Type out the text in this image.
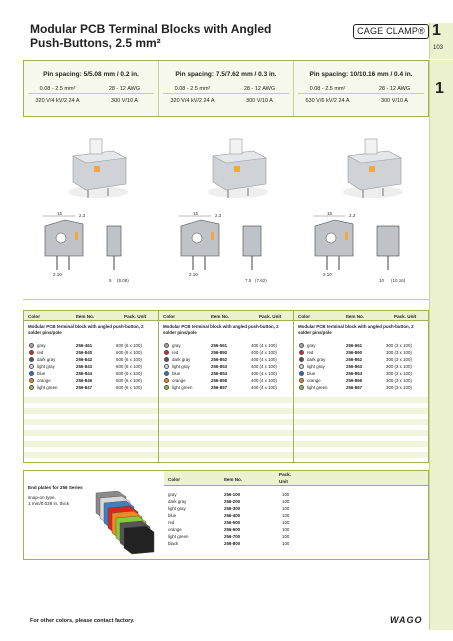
Modular PCB Terminal Blocks with Angled
Push-Buttons, 2.5 mm²
CAGE CLAMP® 1
103
1
Pin spacing: 5/5.08 mm / 0.2 in.
0.08 - 2.5 mm²	28 - 12 AWG
320 V/4 kV/2 24 A	300 V/10 A
Pin spacing: 7.5/7.62 mm / 0.3 in.
0.08 - 2.5 mm²	28 - 12 AWG
320 V/4 kV/2 24 A	300 V/10 A
Pin spacing: 10/10.16 mm / 0.4 in.
0.08 - 2.5 mm²	28 - 12 AWG
630 V/6 kV/2 24 A	300 V/10 A
15	2,3
2.10
5 (5.08)
15	2,3
2.10
7.5 (7.62)
15	2,3
2.10
10 (10.16)
Color	Item No.	Pack. Unit
Modular PCB terminal block with angled push-button, 2 solder pins/pole
gray	256-461	600 (6 x 100)
red	256-840	600 (6 x 100)
dark gray	256-842	600 (6 x 100)
light gray	256-843	600 (6 x 100)
blue	256-844	600 (6 x 100)
orange	256-846	600 (6 x 100)
light green	256-847	600 (6 x 100)
Color	Item No.	Pack. Unit
Modular PCB terminal block with angled push-button, 2 solder pins/pole
gray	256-561	400 (4 x 100)
red	256-850	400 (4 x 100)
dark gray	256-852	400 (4 x 100)
light gray	256-853	400 (4 x 100)
blue	256-854	400 (4 x 100)
orange	256-856	400 (4 x 100)
light green	256-857	400 (4 x 100)
Color	Item No.	Pack. Unit
Modular PCB terminal block with angled push-button, 2 solder pins/pole
gray	256-661	300 (3 x 100)
red	256-860	300 (3 x 100)
dark gray	256-862	300 (3 x 100)
light gray	256-863	300 (3 x 100)
blue	256-864	300 (3 x 100)
orange	256-866	300 (3 x 100)
light green	256-867	300 (3 x 100)
End plates for 256 Series
snap-on type,
1 mm/0.039 in. thick
Color	Item No.
Pack.
Unit
gray	256-100	100
dark gray	256-200	100
light gray	256-300	100
blue	256-400	100
red	256-500	100
orange	256-600	100
light green	256-700	100
black	256-800	100
For other colors, please contact factory.	WAGO
